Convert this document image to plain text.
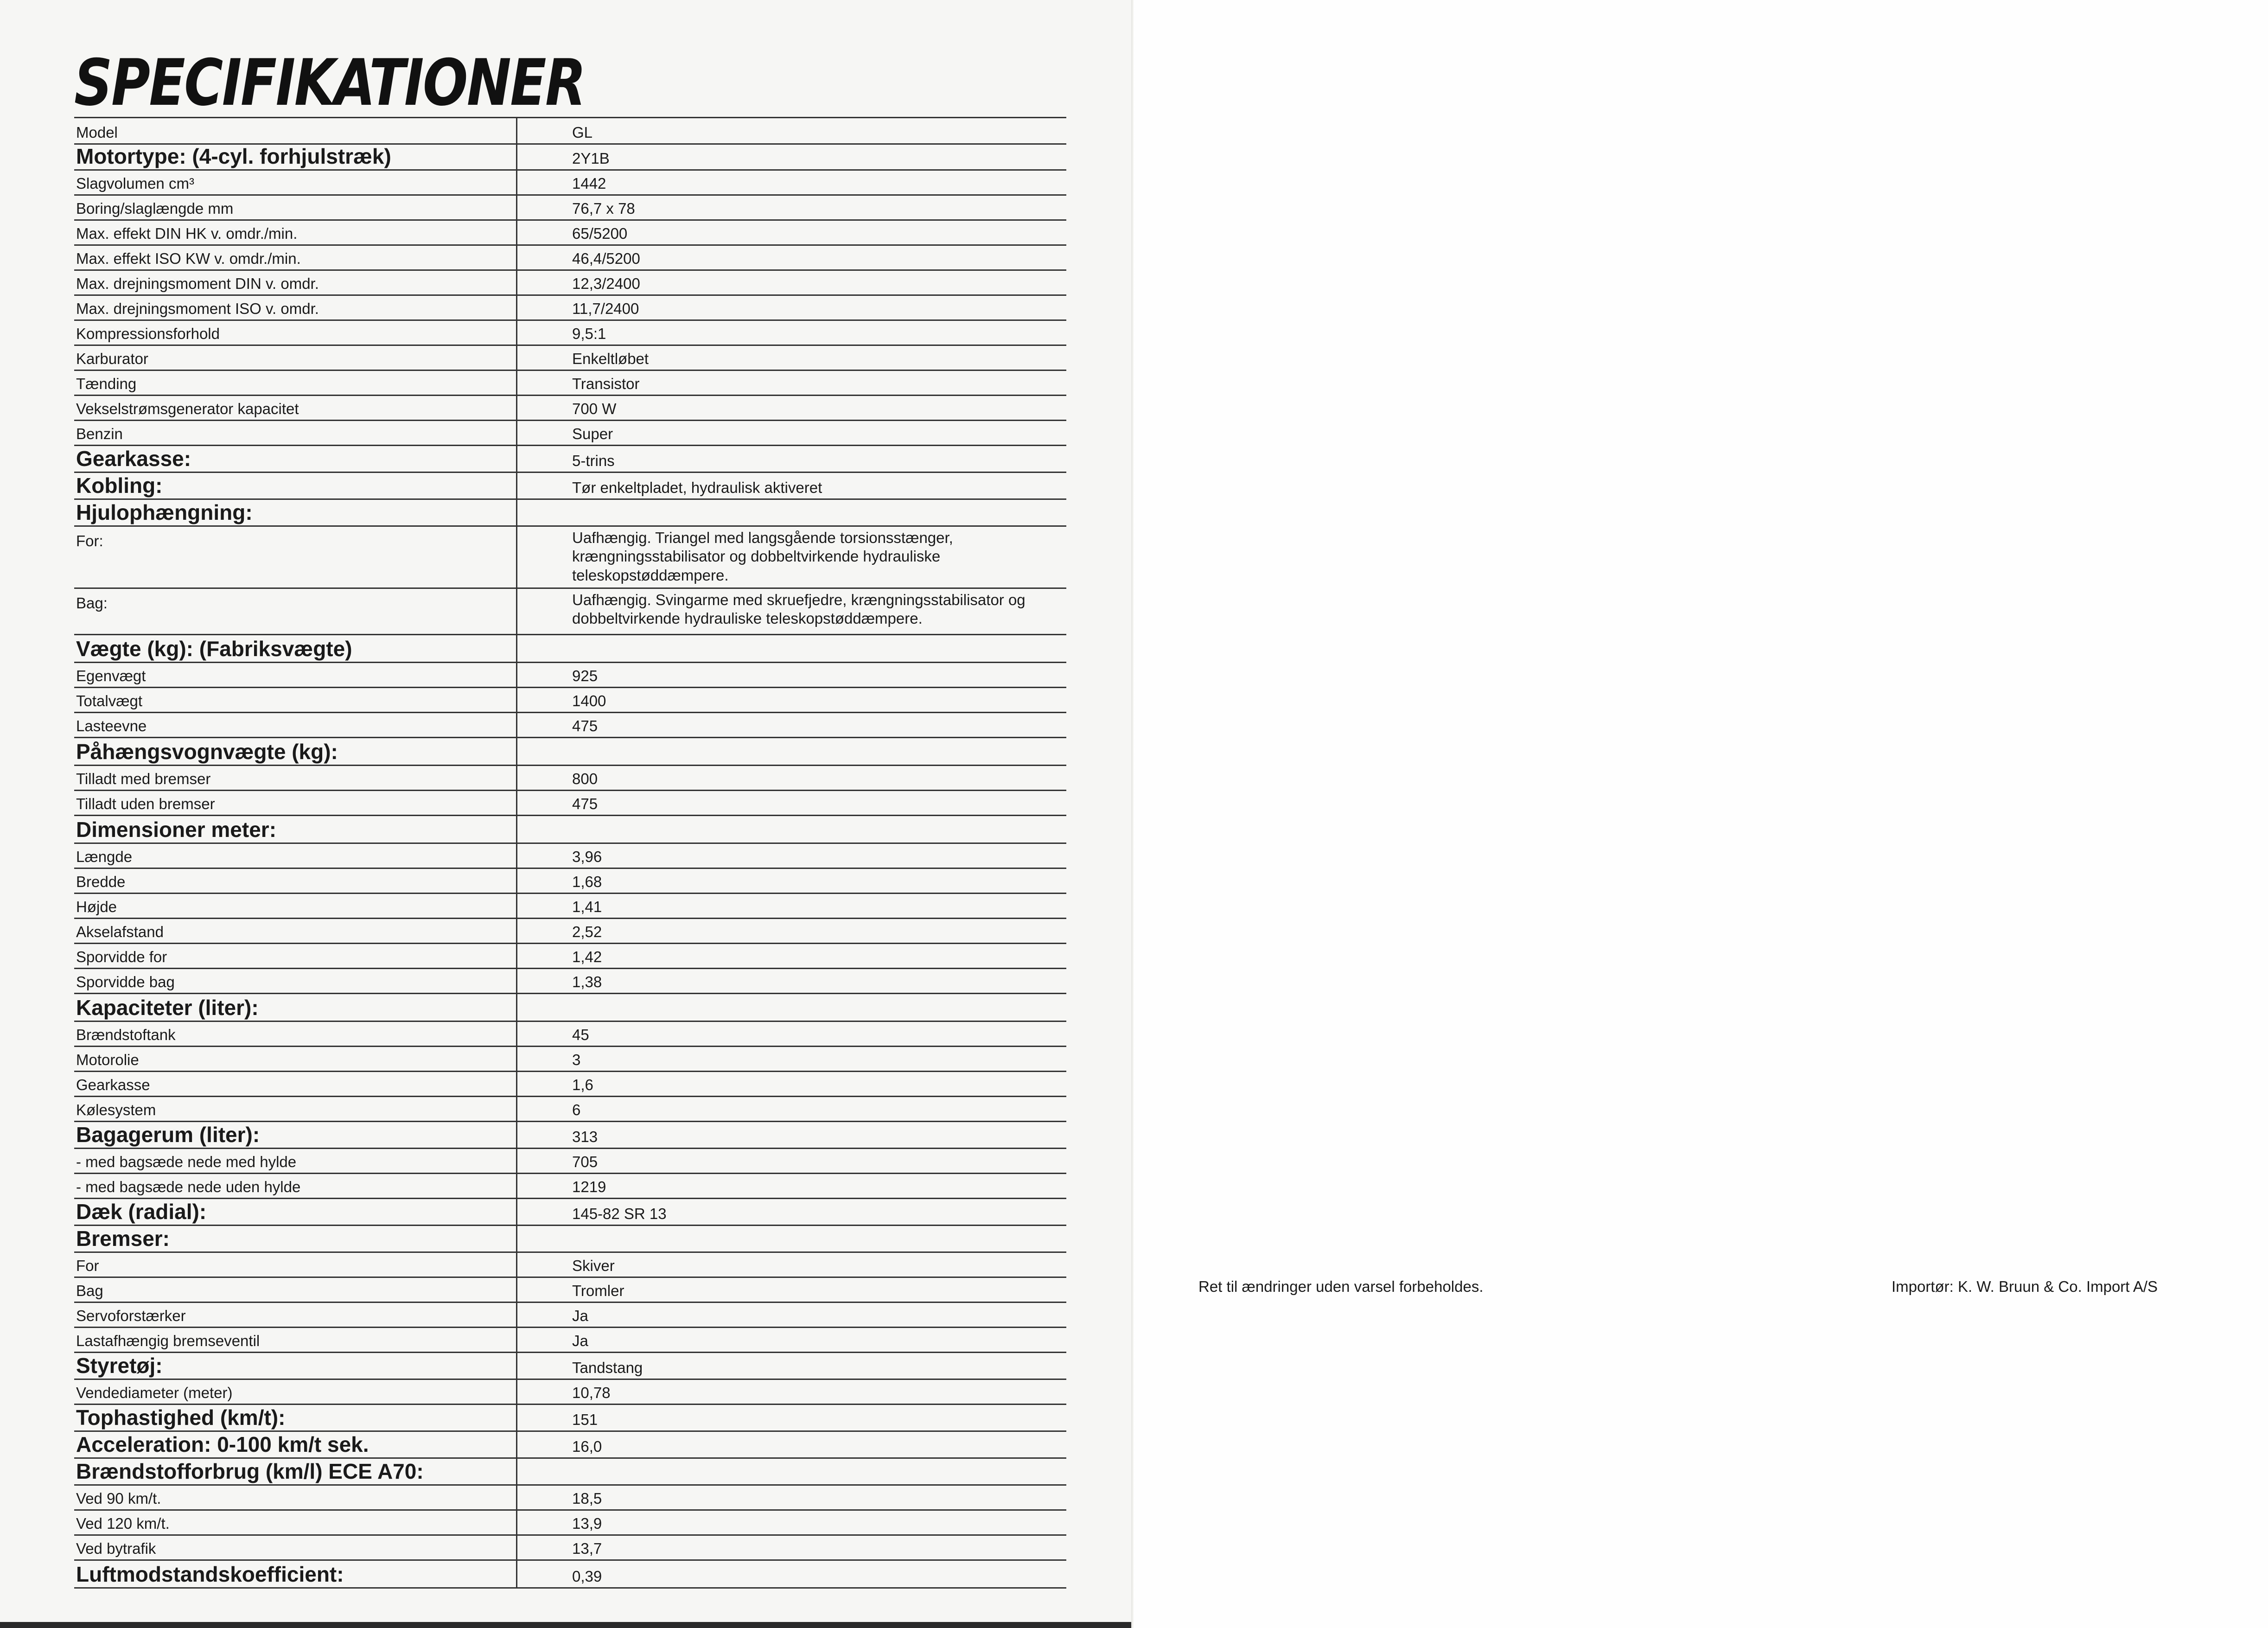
SPECIFIKATIONER
Model	GL
Motortype: (4-cyl. forhjulstræk)	2Y1B
Slagvolumen cm³	1442
Boring/slaglængde mm	76,7 x 78
Max. effekt DIN HK v. omdr./min.	65/5200
Max. effekt ISO KW v. omdr./min.	46,4/5200
Max. drejningsmoment DIN v. omdr.	12,3/2400
Max. drejningsmoment ISO v. omdr.	11,7/2400
Kompressionsforhold	9,5:1
Karburator	Enkeltløbet
Tænding	Transistor
Vekselstrømsgenerator kapacitet	700 W
Benzin	Super
Gearkasse:	5-trins
Kobling:	Tør enkeltpladet, hydraulisk aktiveret
Hjulophængning:
For:	Uafhængig. Triangel med langsgående torsionsstænger, krængningsstabilisator og dobbeltvirkende hydrauliske teleskopstøddæmpere.
Bag:	Uafhængig. Svingarme med skruefjedre, krængningsstabilisator og dobbeltvirkende hydrauliske teleskopstøddæmpere.
Vægte (kg): (Fabriksvægte)
Egenvægt	925
Totalvægt	1400
Lasteevne	475
Påhængsvognvægte (kg):
Tilladt med bremser	800
Tilladt uden bremser	475
Dimensioner meter:
Længde	3,96
Bredde	1,68
Højde	1,41
Akselafstand	2,52
Sporvidde for	1,42
Sporvidde bag	1,38
Kapaciteter (liter):
Brændstoftank	45
Motorolie	3
Gearkasse	1,6
Kølesystem	6
Bagagerum (liter):	313
- med bagsæde nede med hylde	705
- med bagsæde nede uden hylde	1219
Dæk (radial):	145-82 SR 13
Bremser:
For	Skiver
Bag	Tromler
Servoforstærker	Ja
Lastafhængig bremseventil	Ja
Styretøj:	Tandstang
Vendediameter (meter)	10,78
Tophastighed (km/t):	151
Acceleration: 0-100 km/t sek.	16,0
Brændstofforbrug (km/l) ECE A70:
Ved 90 km/t.	18,5
Ved 120 km/t.	13,9
Ved bytrafik	13,7
Luftmodstandskoefficient:	0,39
Ret til ændringer uden varsel forbeholdes.	Importør: K. W. Bruun & Co. Import A/S
